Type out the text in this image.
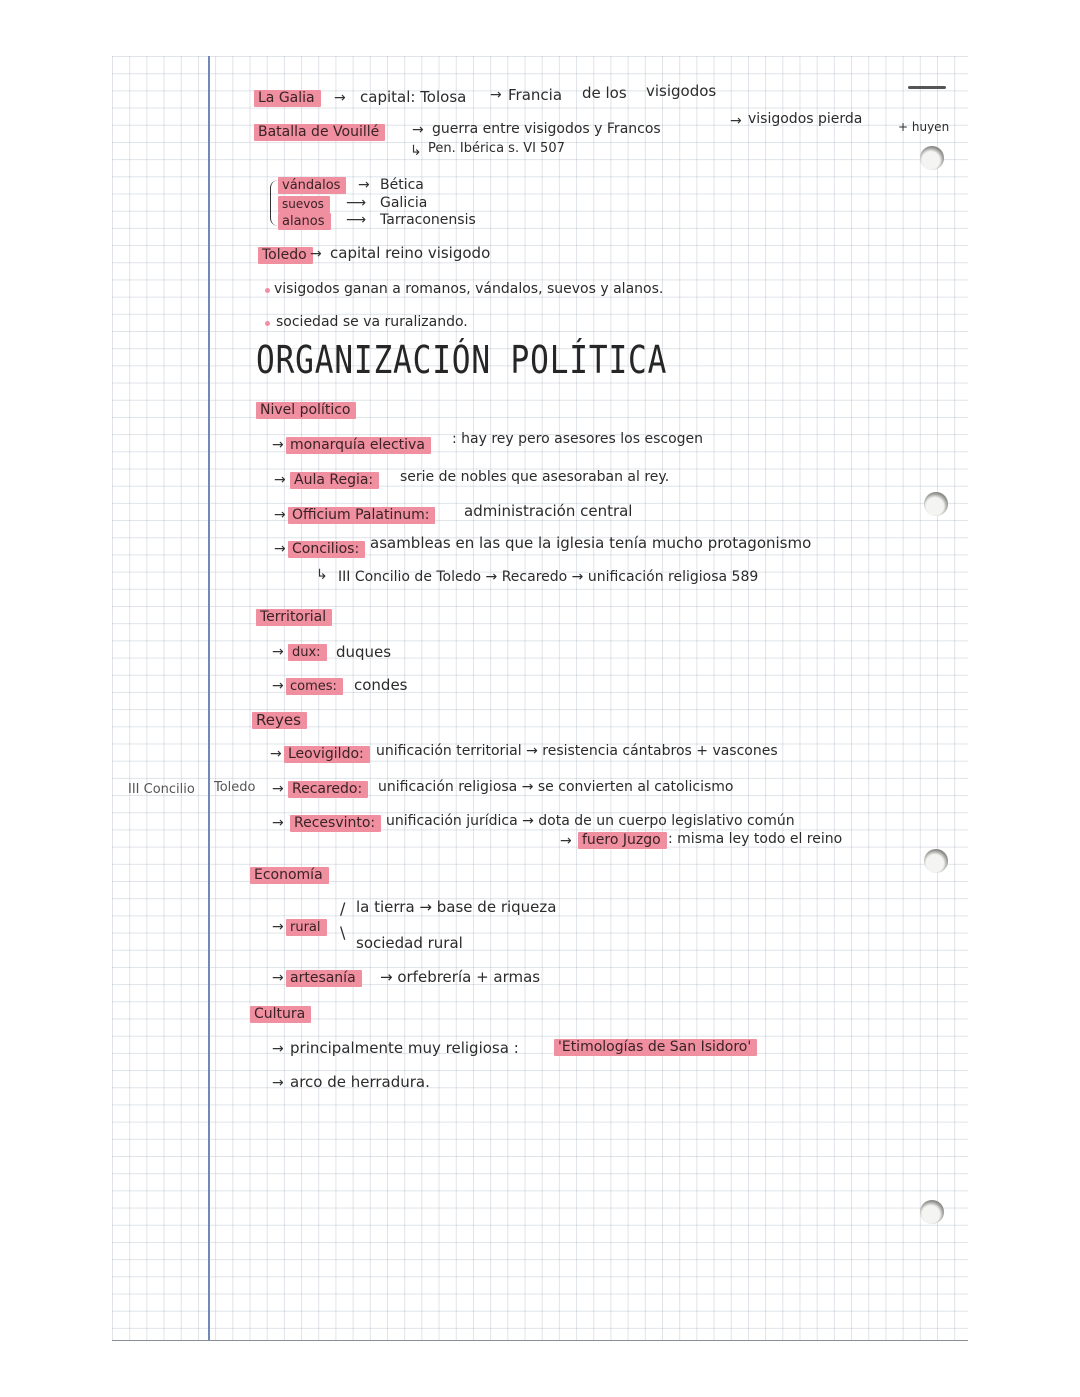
La Galia	→ capital: Tolosa → Francia de los visigodos
Batalla de Vouillé	→ guerra entre visigodos y Francos	→ visigodos pierda	+ huyen
↳ Pen. Ibérica s. VI 507
vándalos	→ Bética
suevos	⟶ Galicia
alanos	⟶ Tarraconensis
Toledo → capital reino visigodo
visigodos ganan a romanos, vándalos, suevos y alanos.
sociedad se va ruralizando.
ORGANIZACIÓN POLÍTICA
Nivel político
→ monarquía electiva	: hay rey pero asesores los escogen
→ Aula Regia:	serie de nobles que asesoraban al rey.
→ Officium Palatinum:	administración central
→ Concilios: asambleas en las que la iglesia tenía mucho protagonismo
↳ III Concilio de Toledo → Recaredo → unificación religiosa 589
Territorial
→ dux:	duques
→ comes:	condes
Reyes
III Concilio Toledo
→ Leovigildo: unificación territorial → resistencia cántabros + vascones
→ Recaredo:	unificación religiosa → se convierten al catolicismo
→ Recesvinto: unificación jurídica → dota de un cuerpo legislativo común
→ fuero Juzgo : misma ley todo el reino
Economía
→ rural
/
\
la tierra → base de riqueza
sociedad rural
→ artesanía	→ orfebrería + armas
Cultura
→ principalmente muy religiosa :	'Etimologías de San Isidoro'
→ arco de herradura.
